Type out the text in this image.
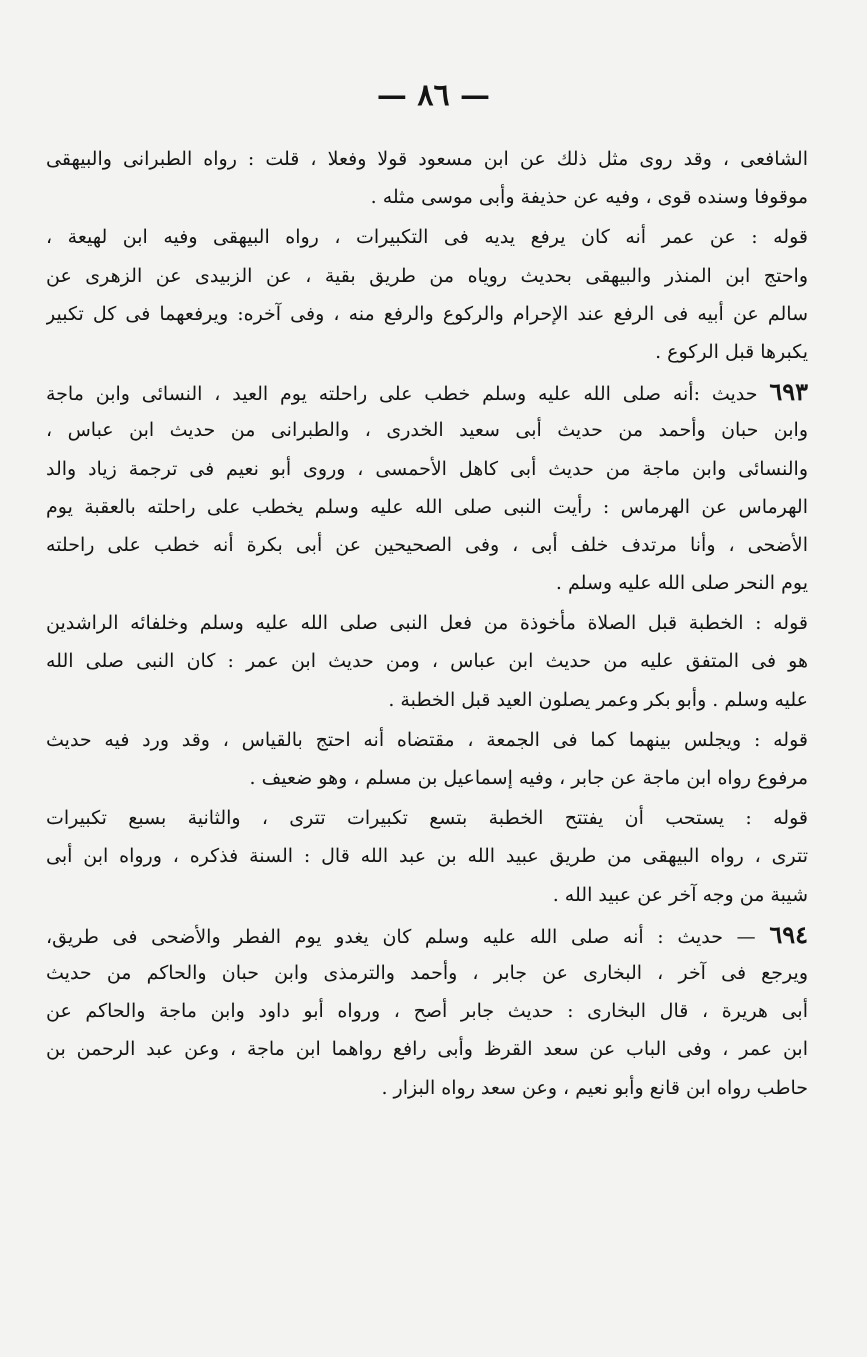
— ٨٦ —
الشافعى ، وقد روى مثل ذلك عن ابن مسعود قولا وفعلا ، قلت : رواه الطبرانى والبيهقى
موقوفا وسنده قوى ، وفيه عن حذيفة وأبى موسى مثله .
قوله : عن عمر أنه كان يرفع يديه فى التكبيرات ، رواه البيهقى وفيه ابن لهيعة ،
واحتج ابن المنذر والبيهقى بحديث روياه من طريق بقية ، عن الزبيدى عن الزهرى عن
سالم عن أبيه فى الرفع عند الإحرام والركوع والرفع منه ، وفى آخره: ويرفعهما فى كل تكبير
يكبرها قبل الركوع .
٦٩٣ حديث :أنه صلى الله عليه وسلم خطب على راحلته يوم العيد ، النسائى وابن ماجة
وابن حبان وأحمد من حديث أبى سعيد الخدرى ، والطبرانى من حديث ابن عباس ،
والنسائى وابن ماجة من حديث أبى كاهل الأحمسى ، وروى أبو نعيم فى ترجمة زياد والد
الهرماس عن الهرماس : رأيت النبى صلى الله عليه وسلم يخطب على راحلته بالعقبة يوم
الأضحى ، وأنا مرتدف خلف أبى ، وفى الصحيحين عن أبى بكرة أنه خطب على راحلته
يوم النحر صلى الله عليه وسلم .
قوله : الخطبة قبل الصلاة مأخوذة من فعل النبى صلى الله عليه وسلم وخلفائه الراشدين
هو فى المتفق عليه من حديث ابن عباس ، ومن حديث ابن عمر : كان النبى صلى الله
عليه وسلم . وأبو بكر وعمر يصلون العيد قبل الخطبة .
قوله : ويجلس بينهما كما فى الجمعة ، مقتضاه أنه احتج بالقياس ، وقد ورد فيه حديث
مرفوع رواه ابن ماجة عن جابر ، وفيه إسماعيل بن مسلم ، وهو ضعيف .
قوله : يستحب أن يفتتح الخطبة بتسع تكبيرات تترى ، والثانية بسبع تكبيرات
تترى ، رواه البيهقى من طريق عبيد الله بن عبد الله قال : السنة فذكره ، ورواه ابن أبى
شيبة من وجه آخر عن عبيد الله .
٦٩٤ — حديث : أنه صلى الله عليه وسلم كان يغدو يوم الفطر والأضحى فى طريق،
ويرجع فى آخر ، البخارى عن جابر ، وأحمد والترمذى وابن حبان والحاكم من حديث
أبى هريرة ، قال البخارى : حديث جابر أصح ، ورواه أبو داود وابن ماجة والحاكم عن
ابن عمر ، وفى الباب عن سعد القرظ وأبى رافع رواهما ابن ماجة ، وعن عبد الرحمن بن
حاطب رواه ابن قانع وأبو نعيم ، وعن سعد رواه البزار .
